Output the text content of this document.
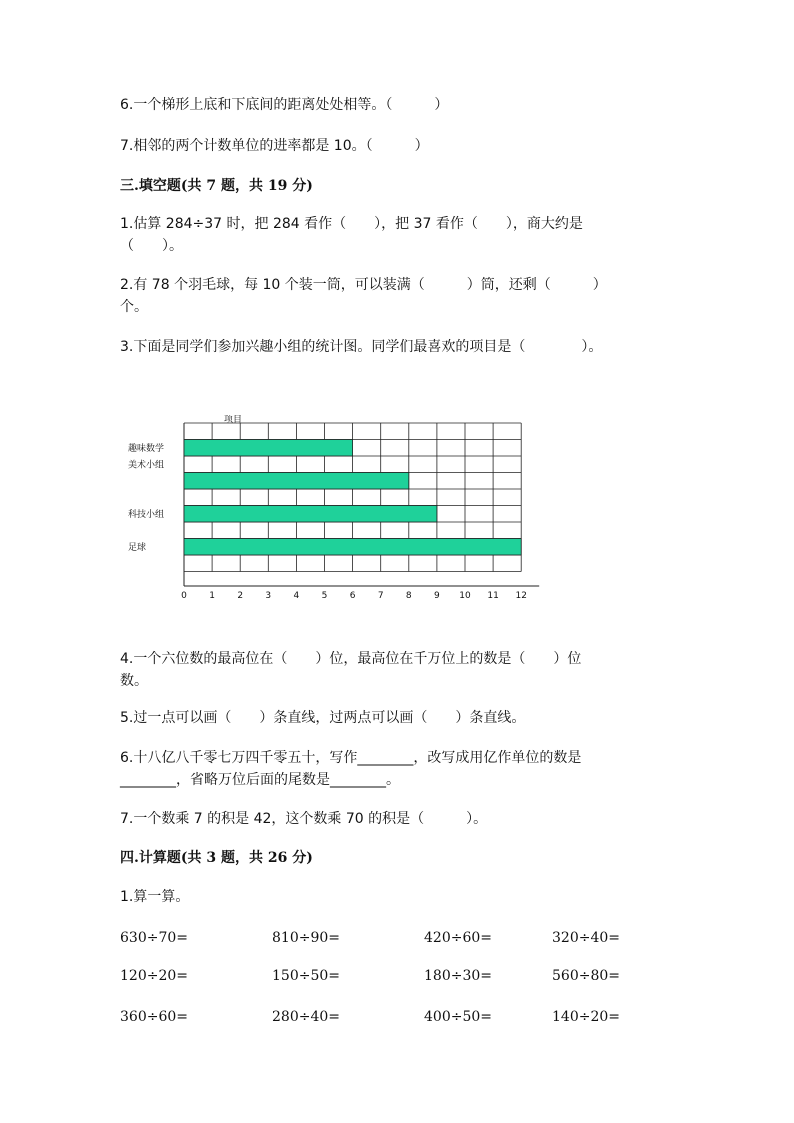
6.一个梯形上底和下底间的距离处处相等。（　　　）
7.相邻的两个计数单位的进率都是 10。（　　　）
三.填空题(共 7 题，共 19 分)
1.估算 284÷37 时，把 284 看作（　　），把 37 看作（　　），商大约是
（　　）。
2.有 78 个羽毛球，每 10 个装一筒，可以装满（　　　）筒，还剩（　　　）
个。
3.下面是同学们参加兴趣小组的统计图。同学们最喜欢的项目是（　　　　）。
项目
趣味数学
美术小组
科技小组
足球
0 1 2 3 4 5 6 7 8 9 10 11 12
4.一个六位数的最高位在（　　）位，最高位在千万位上的数是（　　）位
数。
5.过一点可以画（　　）条直线，过两点可以画（　　）条直线。
6.十八亿八千零七万四千零五十，写作________，改写成用亿作单位的数是
________，省略万位后面的尾数是________。
7.一个数乘 7 的积是 42，这个数乘 70 的积是（　　　）。
四.计算题(共 3 题，共 26 分)
1.算一算。
630÷70=	810÷90=	420÷60=	320÷40=
120÷20=	150÷50=	180÷30=	560÷80=
360÷60=	280÷40=	400÷50=	140÷20=
